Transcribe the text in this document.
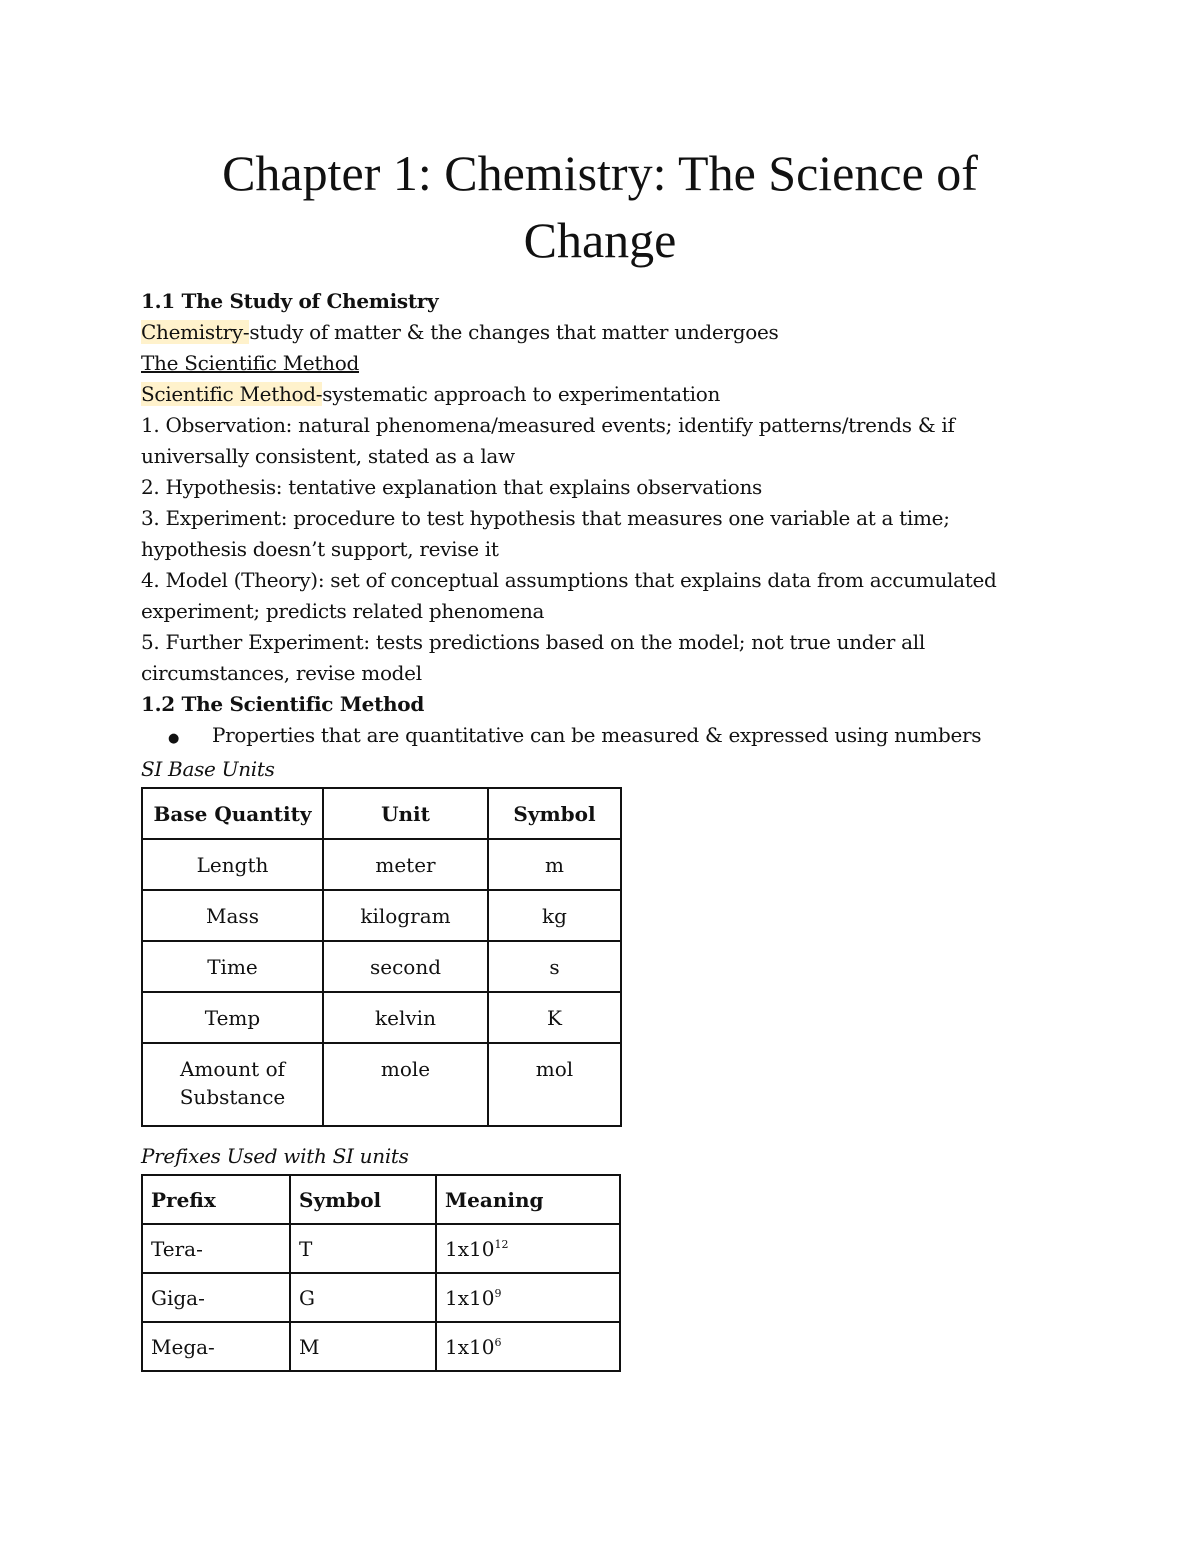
Chapter 1: Chemistry: The Science of Change

1.1 The Study of Chemistry

Chemistry-study of matter & the changes that matter undergoes

The Scientific Method

Scientific Method-systematic approach to experimentation

1. Observation: natural phenomena/measured events; identify patterns/trends & if universally consistent, stated as a law

2. Hypothesis: tentative explanation that explains observations

3. Experiment: procedure to test hypothesis that measures one variable at a time; hypothesis doesn’t support, revise it

4. Model (Theory): set of conceptual assumptions that explains data from accumulated experiment; predicts related phenomena

5. Further Experiment: tests predictions based on the model; not true under all circumstances, revise model

1.2 The Scientific Method

●	Properties that are quantitative can be measured & expressed using numbers

SI Base Units

Base Quantity	Unit	Symbol
Length	meter	m
Mass	kilogram	kg
Time	second	s
Temp	kelvin	K
Amount of Substance	mole	mol

Prefixes Used with SI units

Prefix	Symbol	Meaning
Tera-	T	$1x10^{12}$
Giga-	G	$1x10^9$
Mega-	M	$1x10^6$
